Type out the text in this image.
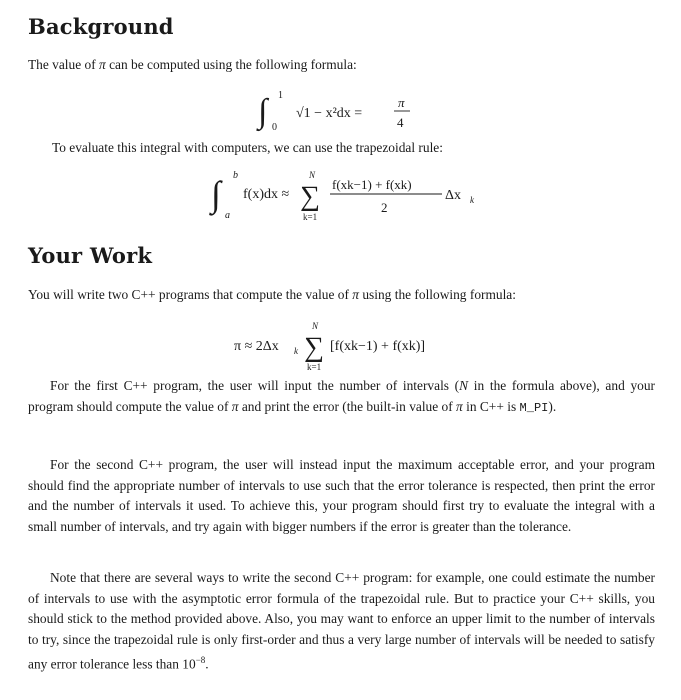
Background

The value of π can be computed using the following formula:

∫ 1
0
√1 − x²dx =
π
4

To evaluate this integral with computers, we can use the trapezoidal rule:

∫ b
a
f(x)dx ≈
N
∑
k=1
f(xk−1) + f(xk)
2
Δx k
Your Work

You will write two C++ programs that compute the value of π using the following formula:

π ≈ 2Δx k
N
∑
k=1
[f(xk−1) + f(xk)]

For the first C++ program, the user will input the number of intervals (N in the formula above), and your program should compute the value of π and print the error (the built-in value of π in C++ is M_PI).

For the second C++ program, the user will instead input the maximum acceptable error, and your program should find the appropriate number of intervals to use such that the error tolerance is respected, then print the error and the number of intervals it used. To achieve this, your program should first try to evaluate the integral with a small number of intervals, and try again with bigger numbers if the error is greater than the tolerance.

Note that there are several ways to write the second C++ program: for example, one could estimate the number of intervals to use with the asymptotic error formula of the trapezoidal rule. But to practice your C++ skills, you should stick to the method provided above. Also, you may want to enforce an upper limit to the number of intervals to try, since the trapezoidal rule is only first-order and thus a very large number of intervals will be needed to satisfy any error tolerance less than $10^{-8}$.
